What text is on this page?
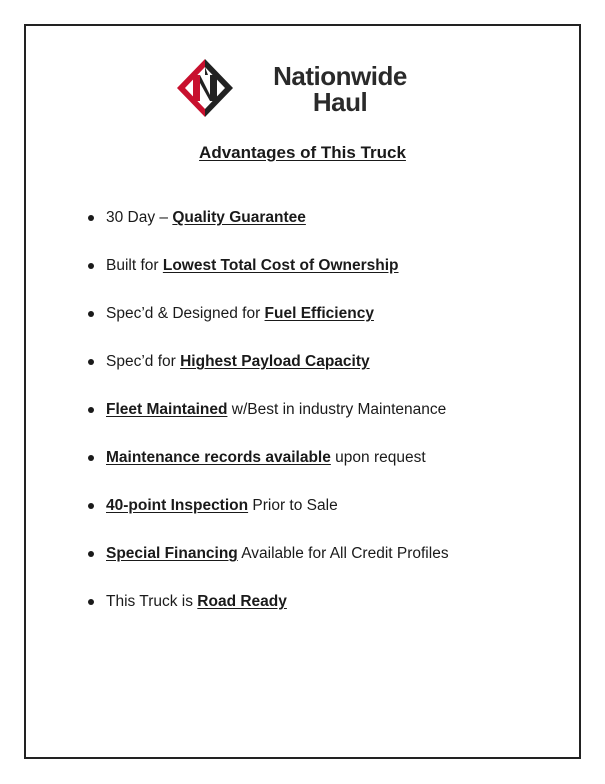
Nationwide
Haul
Advantages of This Truck
30 Day – Quality Guarantee
Built for Lowest Total Cost of Ownership
Spec’d & Designed for Fuel Efficiency
Spec’d for Highest Payload Capacity
Fleet Maintained w/Best in industry Maintenance
Maintenance records available upon request
40-point Inspection Prior to Sale
Special Financing Available for All Credit Profiles
This Truck is Road Ready
